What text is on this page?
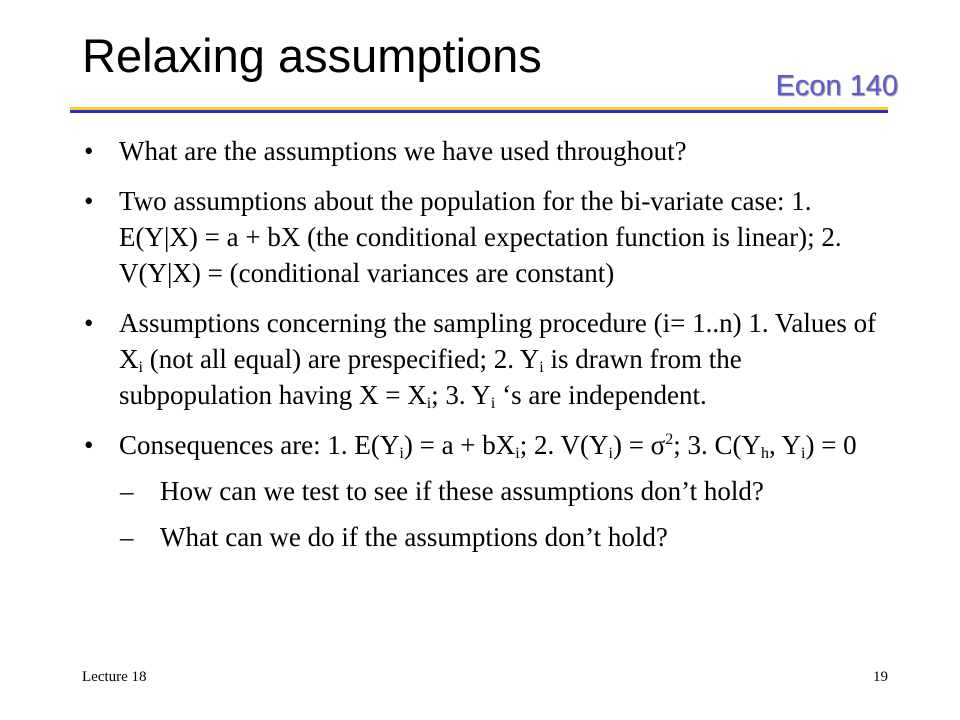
Relaxing assumptions
Econ 140
• What are the assumptions we have used throughout?
• Two assumptions about the population for the bi-variate case: 1. E(Y|X) = a + bX (the conditional expectation function is linear); 2. V(Y|X) = (conditional variances are constant)
• Assumptions concerning the sampling procedure (i= 1..n) 1. Values of $X_i$ (not all equal) are prespecified; 2. $Y_i$ is drawn from the subpopulation having $X = X_i$; 3. $Y_i$ ‘s are independent.
• Consequences are: 1. $E(Y_i) = a + bX_i$; 2. $V(Y_i) = \sigma^2$; 3. $C(Y_h$, $Y_i) = 0$
– How can we test to see if these assumptions don’t hold?
– What can we do if the assumptions don’t hold?
Lecture 18	19
